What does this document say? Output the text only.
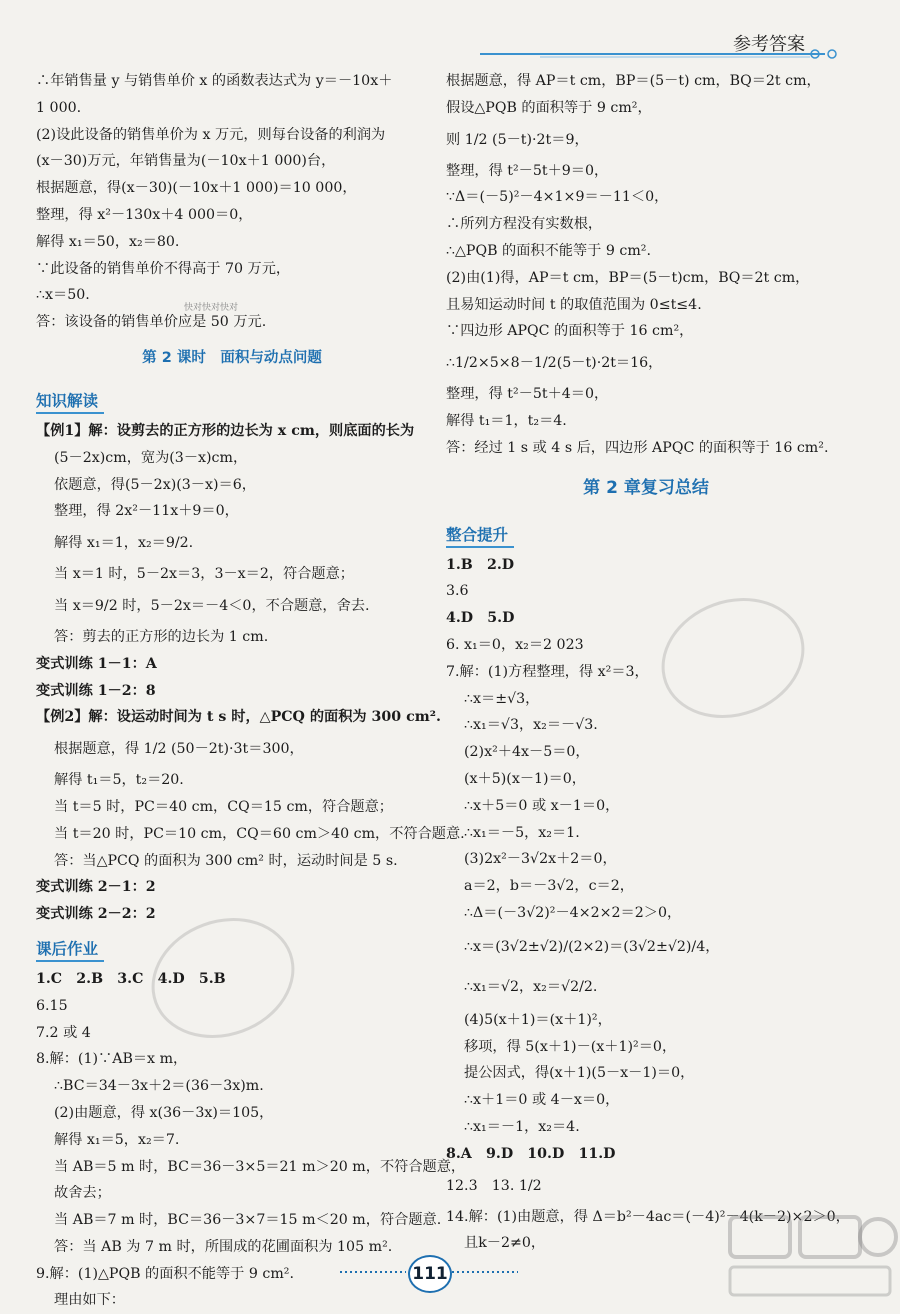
参考答案
∴年销售量 y 与销售单价 x 的函数表达式为 y＝－10x＋
1 000.
(2)设此设备的销售单价为 x 万元，则每台设备的利润为
(x－30)万元，年销售量为(－10x＋1 000)台，
根据题意，得(x－30)(－10x＋1 000)＝10 000，
整理，得 x²－130x＋4 000＝0，
解得 x₁＝50，x₂＝80.
∵此设备的销售单价不得高于 70 万元，
∴x＝50.
答：该设备的销售单价应是 50 万元.
第 2 课时　面积与动点问题
知识解读
【例1】解：设剪去的正方形的边长为 x cm，则底面的长为
(5－2x)cm，宽为(3－x)cm，
依题意，得(5－2x)(3－x)＝6，
整理，得 2x²－11x＋9＝0，
解得 x₁＝1，x₂＝9/2.
当 x＝1 时，5－2x＝3，3－x＝2，符合题意；
当 x＝9/2 时，5－2x＝－4＜0，不合题意，舍去.
答：剪去的正方形的边长为 1 cm.
变式训练 1－1：A
变式训练 1－2：8
【例2】解：设运动时间为 t s 时，△PCQ 的面积为 300 cm².
根据题意，得 1/2 (50－2t)·3t＝300，
解得 t₁＝5，t₂＝20.
当 t＝5 时，PC＝40 cm，CQ＝15 cm，符合题意；
当 t＝20 时，PC＝10 cm，CQ＝60 cm＞40 cm，不符合题意.
答：当△PCQ 的面积为 300 cm² 时，运动时间是 5 s.
变式训练 2－1：2
变式训练 2－2：2
课后作业
1.C　2.B　3.C　4.D　5.B
6.15
7.2 或 4
8.解：(1)∵AB＝x m，
∴BC＝34－3x＋2＝(36－3x)m.
(2)由题意，得 x(36－3x)＝105，
解得 x₁＝5，x₂＝7.
当 AB＝5 m 时，BC＝36－3×5＝21 m＞20 m，不符合题意，
故舍去；
当 AB＝7 m 时，BC＝36－3×7＝15 m＜20 m，符合题意.
答：当 AB 为 7 m 时，所围成的花圃面积为 105 m².
9.解：(1)△PQB 的面积不能等于 9 cm².
理由如下：
根据题意，得 AP＝t cm，BP＝(5－t) cm，BQ＝2t cm，
假设△PQB 的面积等于 9 cm²，
则 1/2 (5－t)·2t＝9，
整理，得 t²－5t＋9＝0，
∵Δ＝(－5)²－4×1×9＝－11＜0，
∴所列方程没有实数根，
∴△PQB 的面积不能等于 9 cm².
(2)由(1)得，AP＝t cm，BP＝(5－t)cm，BQ＝2t cm，
且易知运动时间 t 的取值范围为 0≤t≤4.
∵四边形 APQC 的面积等于 16 cm²，
∴1/2×5×8－1/2(5－t)·2t＝16，
整理，得 t²－5t＋4＝0，
解得 t₁＝1，t₂＝4.
答：经过 1 s 或 4 s 后，四边形 APQC 的面积等于 16 cm².
第 2 章复习总结
整合提升
1.B　2.D
3.6
4.D　5.D
6. x₁＝0，x₂＝2 023
7.解：(1)方程整理，得 x²＝3，
∴x＝±√3，
∴x₁＝√3，x₂＝－√3.
(2)x²＋4x－5＝0，
(x＋5)(x－1)＝0，
∴x＋5＝0 或 x－1＝0，
∴x₁＝－5，x₂＝1.
(3)2x²－3√2x＋2＝0，
a＝2，b＝－3√2，c＝2，
∴Δ＝(－3√2)²－4×2×2＝2＞0，
∴x＝(3√2±√2)/(2×2)＝(3√2±√2)/4，
∴x₁＝√2，x₂＝√2/2.
(4)5(x＋1)＝(x＋1)²，
移项，得 5(x＋1)－(x＋1)²＝0，
提公因式，得(x＋1)(5－x－1)＝0，
∴x＋1＝0 或 4－x＝0，
∴x₁＝－1，x₂＝4.
8.A　9.D　10.D　11.D
12.3　13. 1/2
14.解：(1)由题意，得 Δ＝b²－4ac＝(－4)²－4(k－2)×2＞0，
且k－2≠0，
快对快对快对
111
